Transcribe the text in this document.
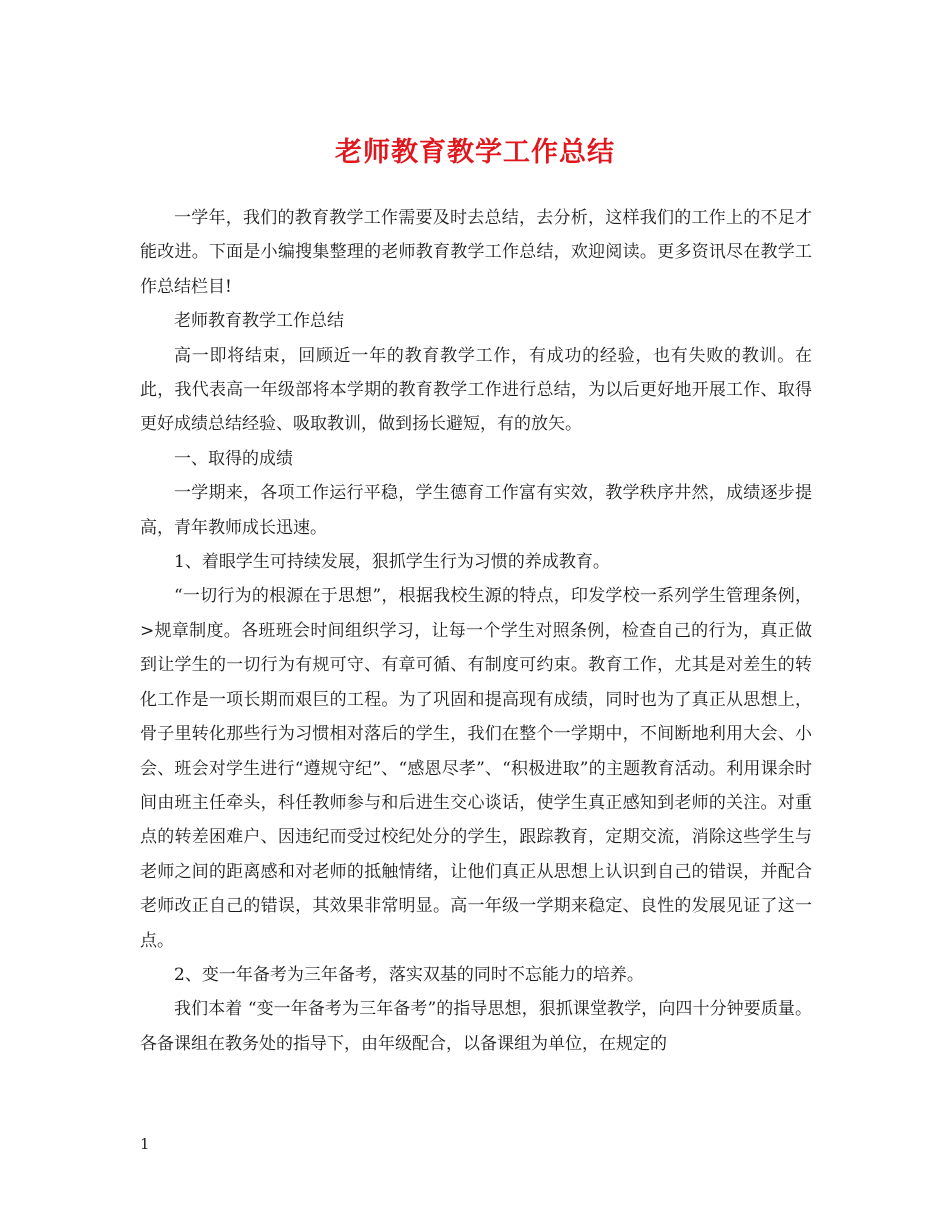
老师教育教学工作总结

一学年，我们的教育教学工作需要及时去总结，去分析，这样我们的工作上的不足才能改进。下面是小编搜集整理的老师教育教学工作总结，欢迎阅读。更多资讯尽在教学工作总结栏目!

老师教育教学工作总结

高一即将结束，回顾近一年的教育教学工作，有成功的经验，也有失败的教训。在此，我代表高一年级部将本学期的教育教学工作进行总结，为以后更好地开展工作、取得更好成绩总结经验、吸取教训，做到扬长避短，有的放矢。

一、取得的成绩

一学期来，各项工作运行平稳，学生德育工作富有实效，教学秩序井然，成绩逐步提高，青年教师成长迅速。

1、着眼学生可持续发展，狠抓学生行为习惯的养成教育。

“一切行为的根源在于思想”，根据我校生源的特点，印发学校一系列学生管理条例，>规章制度。各班班会时间组织学习，让每一个学生对照条例，检查自己的行为，真正做到让学生的一切行为有规可守、有章可循、有制度可约束。教育工作，尤其是对差生的转化工作是一项长期而艰巨的工程。为了巩固和提高现有成绩，同时也为了真正从思想上，骨子里转化那些行为习惯相对落后的学生，我们在整个一学期中，不间断地利用大会、小会、班会对学生进行“遵规守纪”、“感恩尽孝”、“积极进取”的主题教育活动。利用课余时间由班主任牵头，科任教师参与和后进生交心谈话，使学生真正感知到老师的关注。对重点的转差困难户、因违纪而受过校纪处分的学生，跟踪教育，定期交流，消除这些学生与老师之间的距离感和对老师的抵触情绪，让他们真正从思想上认识到自己的错误，并配合老师改正自己的错误，其效果非常明显。高一年级一学期来稳定、良性的发展见证了这一点。

2、变一年备考为三年备考，落实双基的同时不忘能力的培养。

我们本着 “变一年备考为三年备考”的指导思想，狠抓课堂教学，向四十分钟要质量。各备课组在教务处的指导下，由年级配合，以备课组为单位，在规定的

1
